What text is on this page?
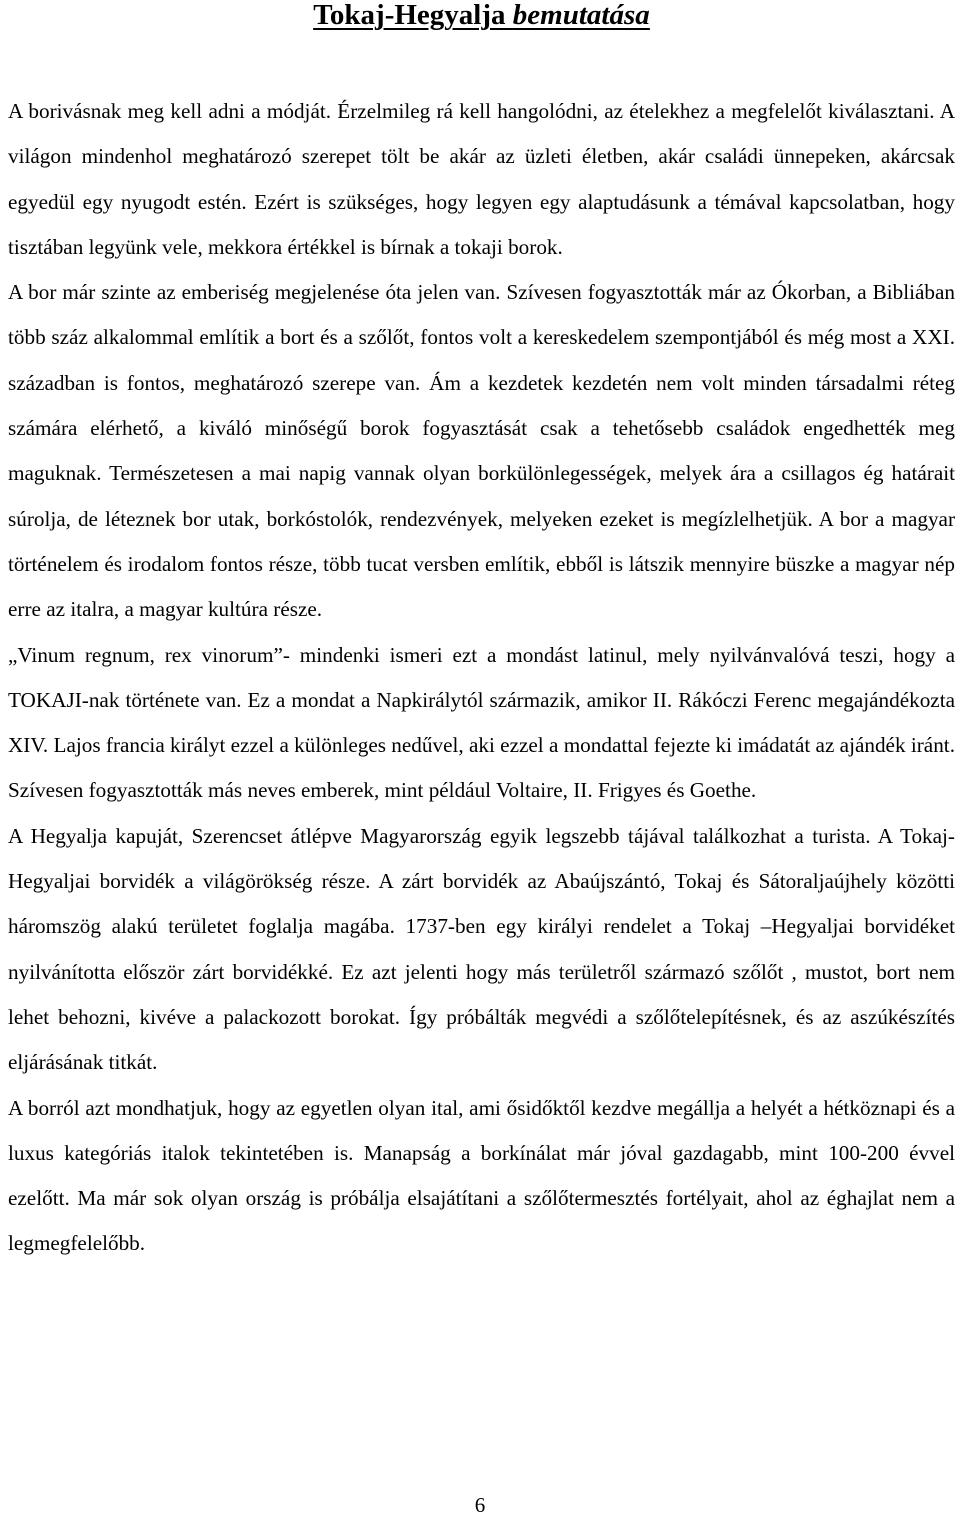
Tokaj-Hegyalja bemutatása

A borivásnak meg kell adni a módját. Érzelmileg rá kell hangolódni, az ételekhez a megfelelőt kiválasztani. A világon mindenhol meghatározó szerepet tölt be akár az üzleti életben, akár családi ünnepeken, akárcsak egyedül egy nyugodt estén. Ezért is szükséges, hogy legyen egy alaptudásunk a témával kapcsolatban, hogy tisztában legyünk vele, mekkora értékkel is bírnak a tokaji borok.

A bor már szinte az emberiség megjelenése óta jelen van. Szívesen fogyasztották már az Ókorban, a Bibliában több száz alkalommal említik a bort és a szőlőt, fontos volt a kereskedelem szempontjából és még most a XXI. században is fontos, meghatározó szerepe van. Ám a kezdetek kezdetén nem volt minden társadalmi réteg számára elérhető, a kiváló minőségű borok fogyasztását csak a tehetősebb családok engedhették meg maguknak. Természetesen a mai napig vannak olyan borkülönlegességek, melyek ára a csillagos ég határait súrolja, de léteznek bor utak, borkóstolók, rendezvények, melyeken ezeket is megízlelhetjük. A bor a magyar történelem és irodalom fontos része, több tucat versben említik, ebből is látszik mennyire büszke a magyar nép erre az italra, a magyar kultúra része.

„Vinum regnum, rex vinorum”- mindenki ismeri ezt a mondást latinul, mely nyilvánvalóvá teszi, hogy a TOKAJI-nak története van. Ez a mondat a Napkirálytól származik, amikor II. Rákóczi Ferenc megajándékozta XIV. Lajos francia királyt ezzel a különleges nedűvel, aki ezzel a mondattal fejezte ki imádatát az ajándék iránt. Szívesen fogyasztották más neves emberek, mint például Voltaire, II. Frigyes és Goethe.

A Hegyalja kapuját, Szerencset átlépve Magyarország egyik legszebb tájával találkozhat a turista. A Tokaj-Hegyaljai borvidék a világörökség része. A zárt borvidék az Abaújszántó, Tokaj és Sátoraljaújhely közötti háromszög alakú területet foglalja magába. 1737-ben egy királyi rendelet a Tokaj –Hegyaljai borvidéket nyilvánította először zárt borvidékké. Ez azt jelenti hogy más területről származó szőlőt , mustot, bort nem lehet behozni, kivéve a palackozott borokat. Így próbálták megvédi a szőlőtelepítésnek, és az aszúkészítés eljárásának titkát.

A borról azt mondhatjuk, hogy az egyetlen olyan ital, ami ősidőktől kezdve megállja a helyét a hétköznapi és a luxus kategóriás italok tekintetében is. Manapság a borkínálat már jóval gazdagabb, mint 100-200 évvel ezelőtt. Ma már sok olyan ország is próbálja elsajátítani a szőlőtermesztés fortélyait, ahol az éghajlat nem a legmegfelelőbb.

6
